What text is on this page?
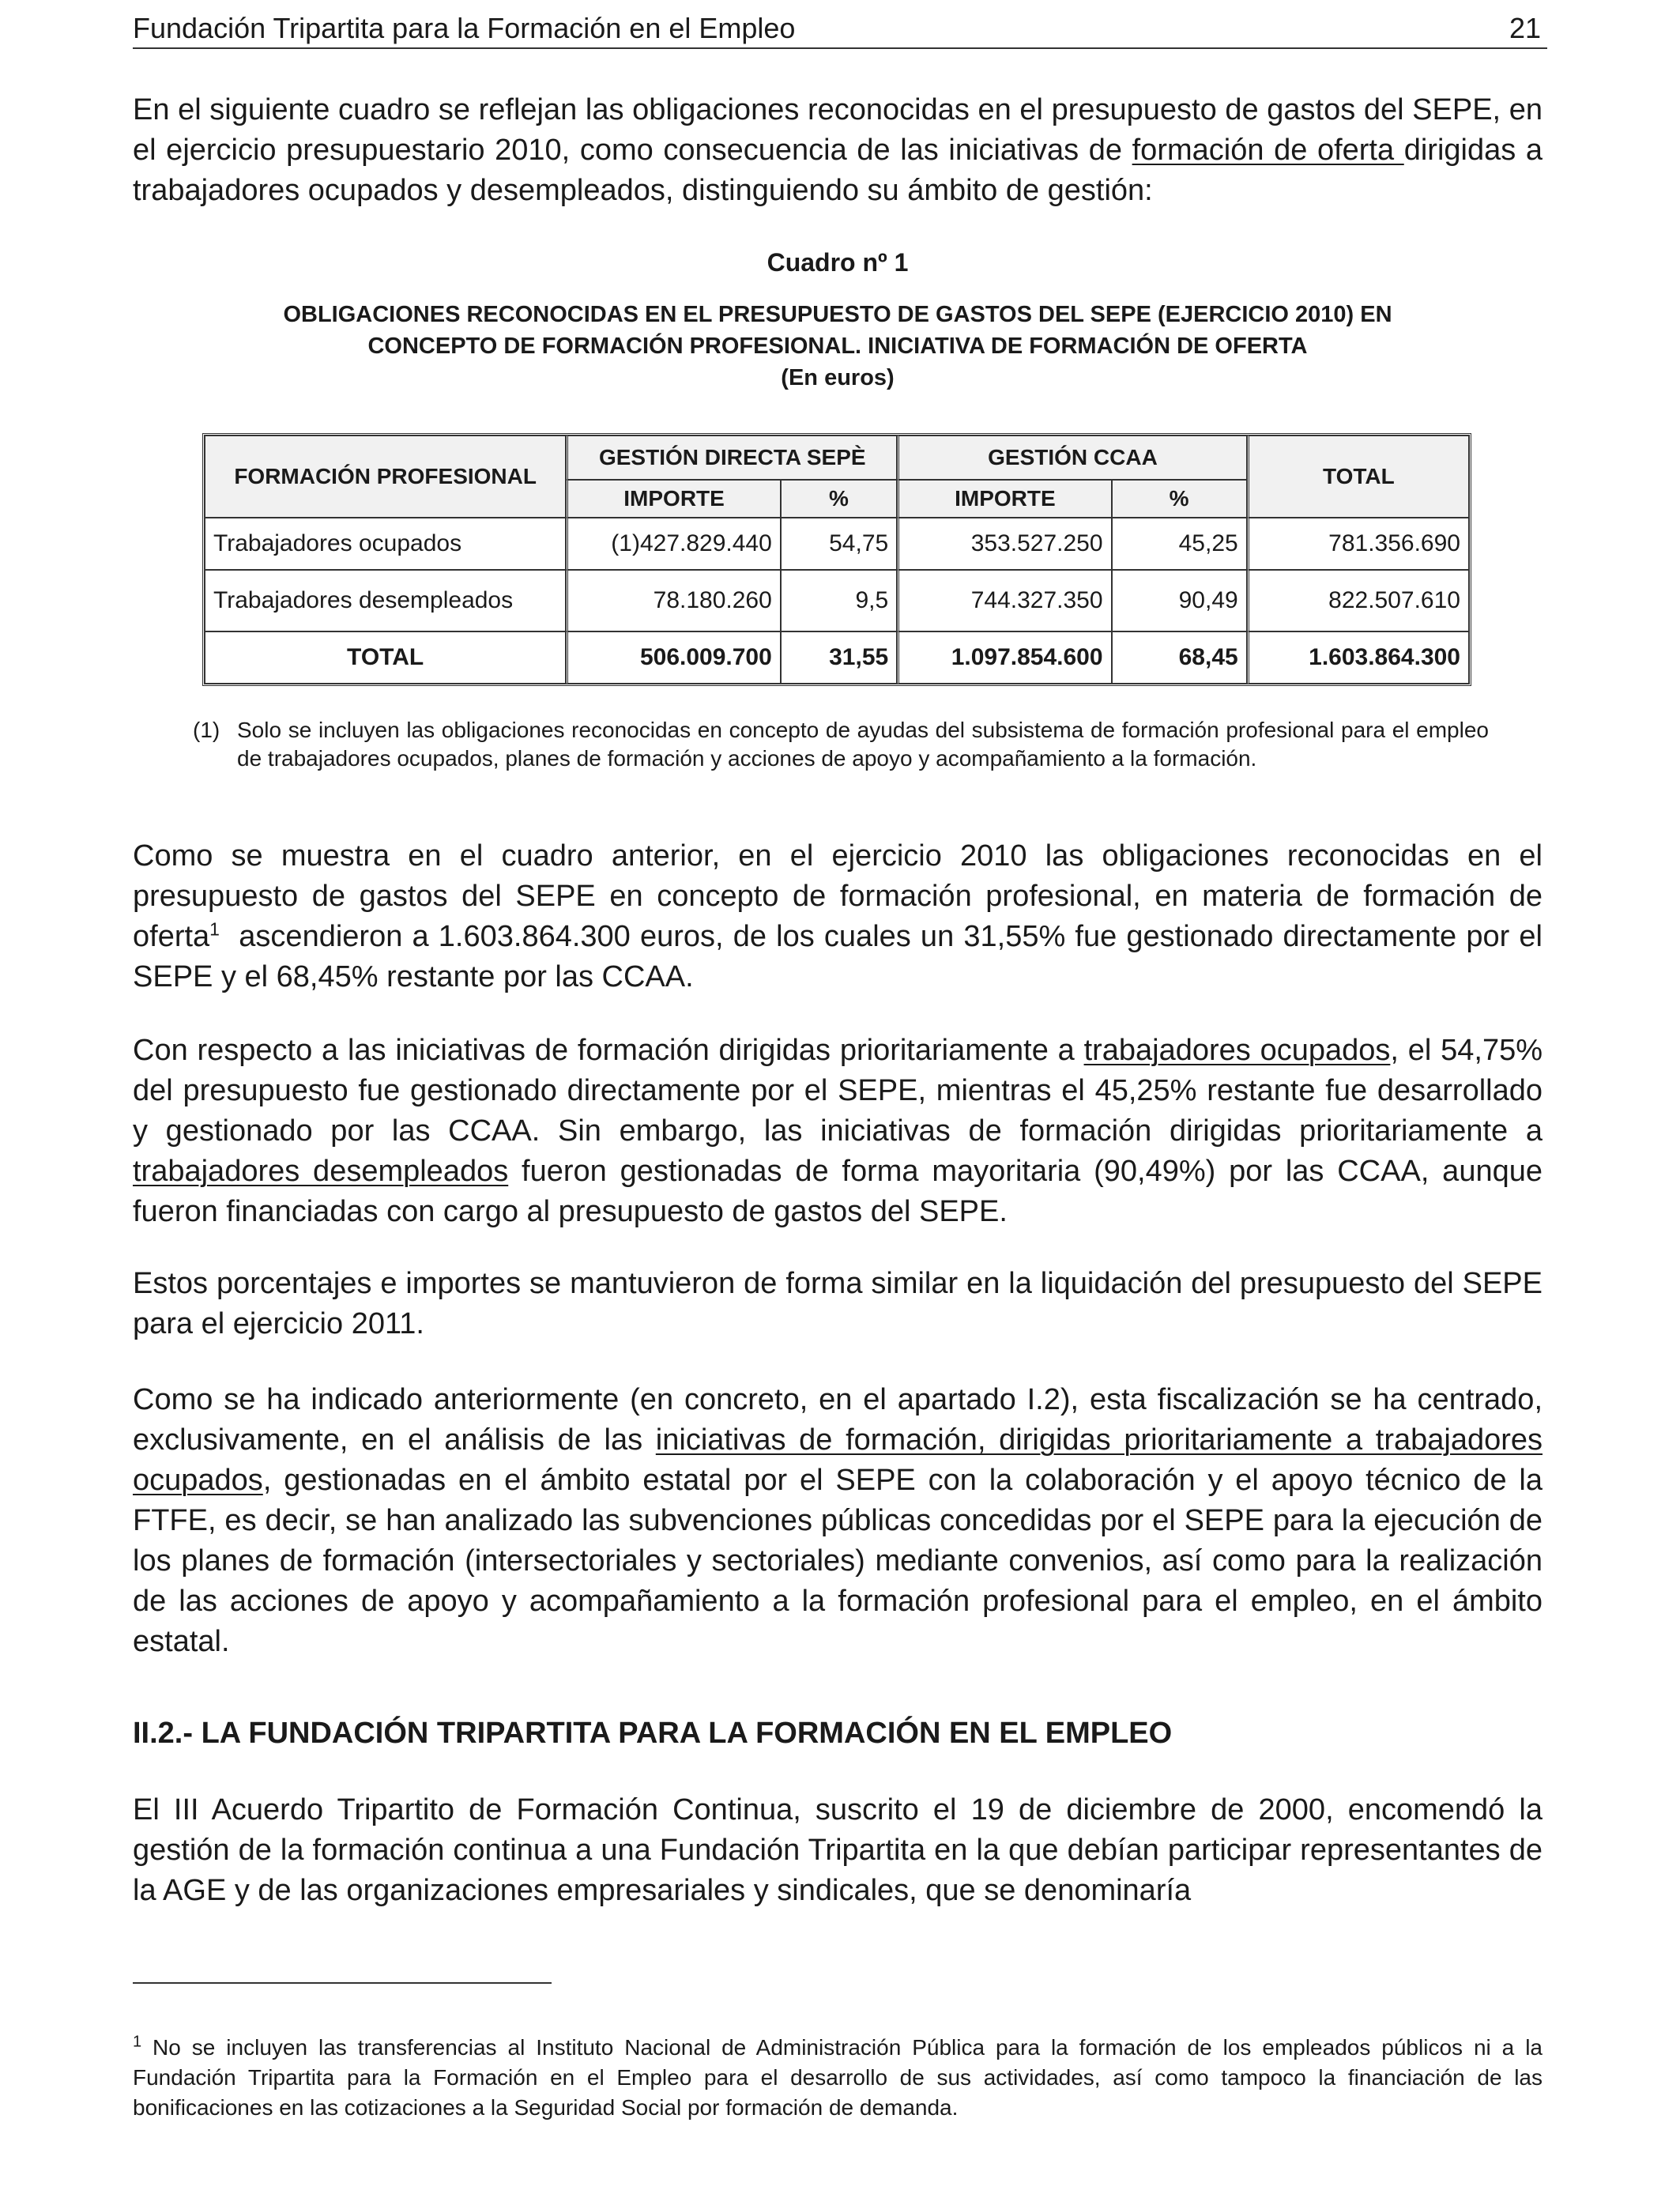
Fundación Tripartita para la Formación en el Empleo	21

En el siguiente cuadro se reflejan las obligaciones reconocidas en el presupuesto de gastos del SEPE, en el ejercicio presupuestario 2010, como consecuencia de las iniciativas de formación de oferta dirigidas a trabajadores ocupados y desempleados, distinguiendo su ámbito de gestión:

Cuadro nº 1

OBLIGACIONES RECONOCIDAS EN EL PRESUPUESTO DE GASTOS DEL SEPE (EJERCICIO 2010) EN
CONCEPTO DE FORMACIÓN PROFESIONAL. INICIATIVA DE FORMACIÓN DE OFERTA
(En euros)
FORMACIÓN PROFESIONAL	GESTIÓN DIRECTA SEPÈ		GESTIÓN CCAA		TOTAL
	IMPORTE	%	IMPORTE	%	
Trabajadores ocupados	(1)427.829.440	54,75	353.527.250	45,25	781.356.690
Trabajadores desempleados	78.180.260	9,5	744.327.350	90,49	822.507.610
TOTAL	506.009.700	31,55	1.097.854.600	68,45	1.603.864.300

(1) Solo se incluyen las obligaciones reconocidas en concepto de ayudas del subsistema de formación profesional para el empleo de trabajadores ocupados, planes de formación y acciones de apoyo y acompañamiento a la formación.

Como se muestra en el cuadro anterior, en el ejercicio 2010 las obligaciones reconocidas en el presupuesto de gastos del SEPE en concepto de formación profesional, en materia de formación de oferta$^1$  ascendieron a 1.603.864.300 euros, de los cuales un 31,55% fue gestionado directamente por el SEPE y el 68,45% restante por las CCAA.

Con respecto a las iniciativas de formación dirigidas prioritariamente a trabajadores ocupados, el 54,75% del presupuesto fue gestionado directamente por el SEPE, mientras el 45,25% restante fue desarrollado y gestionado por las CCAA. Sin embargo, las iniciativas de formación dirigidas prioritariamente a trabajadores desempleados fueron gestionadas de forma mayoritaria (90,49%) por las CCAA, aunque fueron financiadas con cargo al presupuesto de gastos del SEPE.

Estos porcentajes e importes se mantuvieron de forma similar en la liquidación del presupuesto del SEPE para el ejercicio 2011.

Como se ha indicado anteriormente (en concreto, en el apartado I.2), esta fiscalización se ha centrado, exclusivamente, en el análisis de las iniciativas de formación, dirigidas prioritariamente a trabajadores ocupados, gestionadas en el ámbito estatal por el SEPE con la colaboración y el apoyo técnico de la FTFE, es decir, se han analizado las subvenciones públicas concedidas por el SEPE para la ejecución de los planes de formación (intersectoriales y sectoriales) mediante convenios, así como para la realización de las acciones de apoyo y acompañamiento a la formación profesional para el empleo, en el ámbito estatal.

II.2.- LA FUNDACIÓN TRIPARTITA PARA LA FORMACIÓN EN EL EMPLEO

El III Acuerdo Tripartito de Formación Continua, suscrito el 19 de diciembre de 2000, encomendó la gestión de la formación continua a una Fundación Tripartita en la que debían participar representantes de la AGE y de las organizaciones empresariales y sindicales, que se denominaría

$^1$ No se incluyen las transferencias al Instituto Nacional de Administración Pública para la formación de los empleados públicos ni a la Fundación Tripartita para la Formación en el Empleo para el desarrollo de sus actividades, así como tampoco la financiación de las bonificaciones en las cotizaciones a la Seguridad Social por formación de demanda.
